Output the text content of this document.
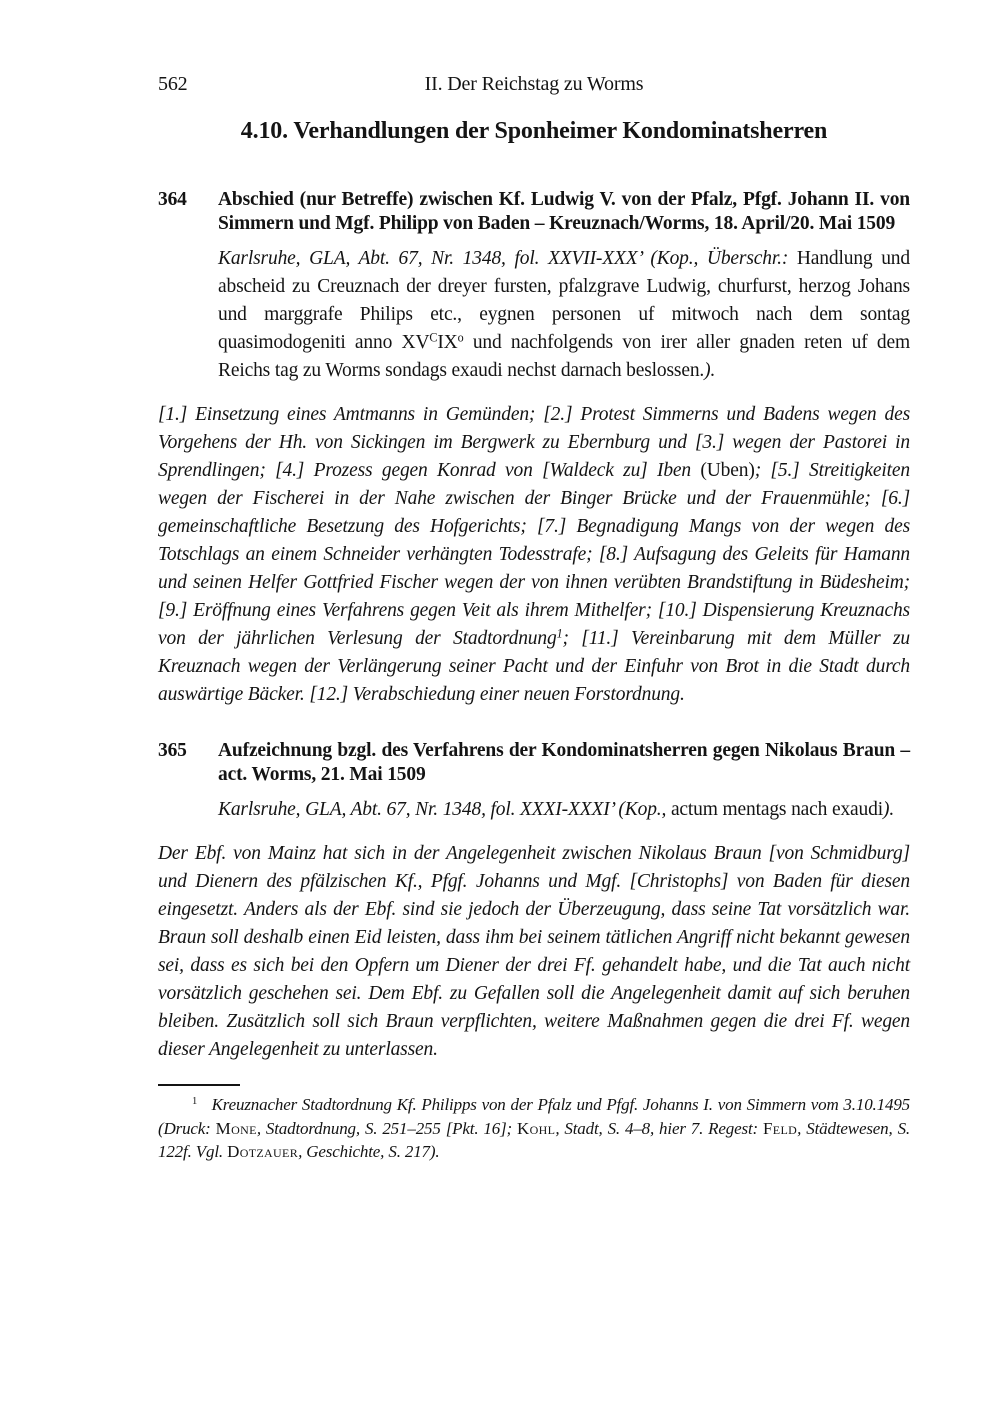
562	II. Der Reichstag zu Worms
4.10. Verhandlungen der Sponheimer Kondominatsherren
364 Abschied (nur Betreffe) zwischen Kf. Ludwig V. von der Pfalz, Pfgf. Johann II. von Simmern und Mgf. Philipp von Baden – Kreuznach/Worms, 18. April/20. Mai 1509

Karlsruhe, GLA, Abt. 67, Nr. 1348, fol. XXVII-XXX’ (Kop., Überschr.: Handlung und abscheid zu Creuznach der dreyer fursten, pfalzgrave Ludwig, churfurst, herzog Johans und marggrafe Philips etc., eygnen personen uf mitwoch nach dem sontag quasimodogeniti anno $XV^CIX^o$ und nachfolgends von irer aller gnaden reten uf dem Reichs tag zu Worms sondags exaudi nechst darnach beslossen.).

[1.] Einsetzung eines Amtmanns in Gemünden; [2.] Protest Simmerns und Badens wegen des Vorgehens der Hh. von Sickingen im Bergwerk zu Ebernburg und [3.] wegen der Pastorei in Sprendlingen; [4.] Prozess gegen Konrad von [Waldeck zu] Iben (Uben); [5.] Streitigkeiten wegen der Fischerei in der Nahe zwischen der Binger Brücke und der Frauenmühle; [6.] gemeinschaftliche Besetzung des Hofgerichts; [7.] Begnadigung Mangs von der wegen des Totschlags an einem Schneider verhängten Todesstrafe; [8.] Aufsagung des Geleits für Hamann und seinen Helfer Gottfried Fischer wegen der von ihnen verübten Brandstiftung in Büdesheim; [9.] Eröffnung eines Verfahrens gegen Veit als ihrem Mithelfer; [10.] Dispensierung Kreuznachs von der jährlichen Verlesung der Stadtordnung$^1$; [11.] Vereinbarung mit dem Müller zu Kreuznach wegen der Verlängerung seiner Pacht und der Einfuhr von Brot in die Stadt durch auswärtige Bäcker. [12.] Verabschiedung einer neuen Forstordnung.

365 Aufzeichnung bzgl. des Verfahrens der Kondominatsherren gegen Nikolaus Braun – act. Worms, 21. Mai 1509

Karlsruhe, GLA, Abt. 67, Nr. 1348, fol. XXXI-XXXI’ (Kop., actum mentags nach exaudi).

Der Ebf. von Mainz hat sich in der Angelegenheit zwischen Nikolaus Braun [von Schmidburg] und Dienern des pfälzischen Kf., Pfgf. Johanns und Mgf. [Christophs] von Baden für diesen eingesetzt. Anders als der Ebf. sind sie jedoch der Überzeugung, dass seine Tat vorsätzlich war. Braun soll deshalb einen Eid leisten, dass ihm bei seinem tätlichen Angriff nicht bekannt gewesen sei, dass es sich bei den Opfern um Diener der drei Ff. gehandelt habe, und die Tat auch nicht vorsätzlich geschehen sei. Dem Ebf. zu Gefallen soll die Angelegenheit damit auf sich beruhen bleiben. Zusätzlich soll sich Braun verpflichten, weitere Maßnahmen gegen die drei Ff. wegen dieser Angelegenheit zu unterlassen.

$^1$   Kreuznacher Stadtordnung Kf. Philipps von der Pfalz und Pfgf. Johanns I. von Simmern vom 3.10.1495 (Druck: Mone, Stadtordnung, S. 251–255 [Pkt. 16]; Kohl, Stadt, S. 4–8, hier 7. Regest: Feld, Städtewesen, S. 122f. Vgl. Dotzauer, Geschichte, S. 217).
